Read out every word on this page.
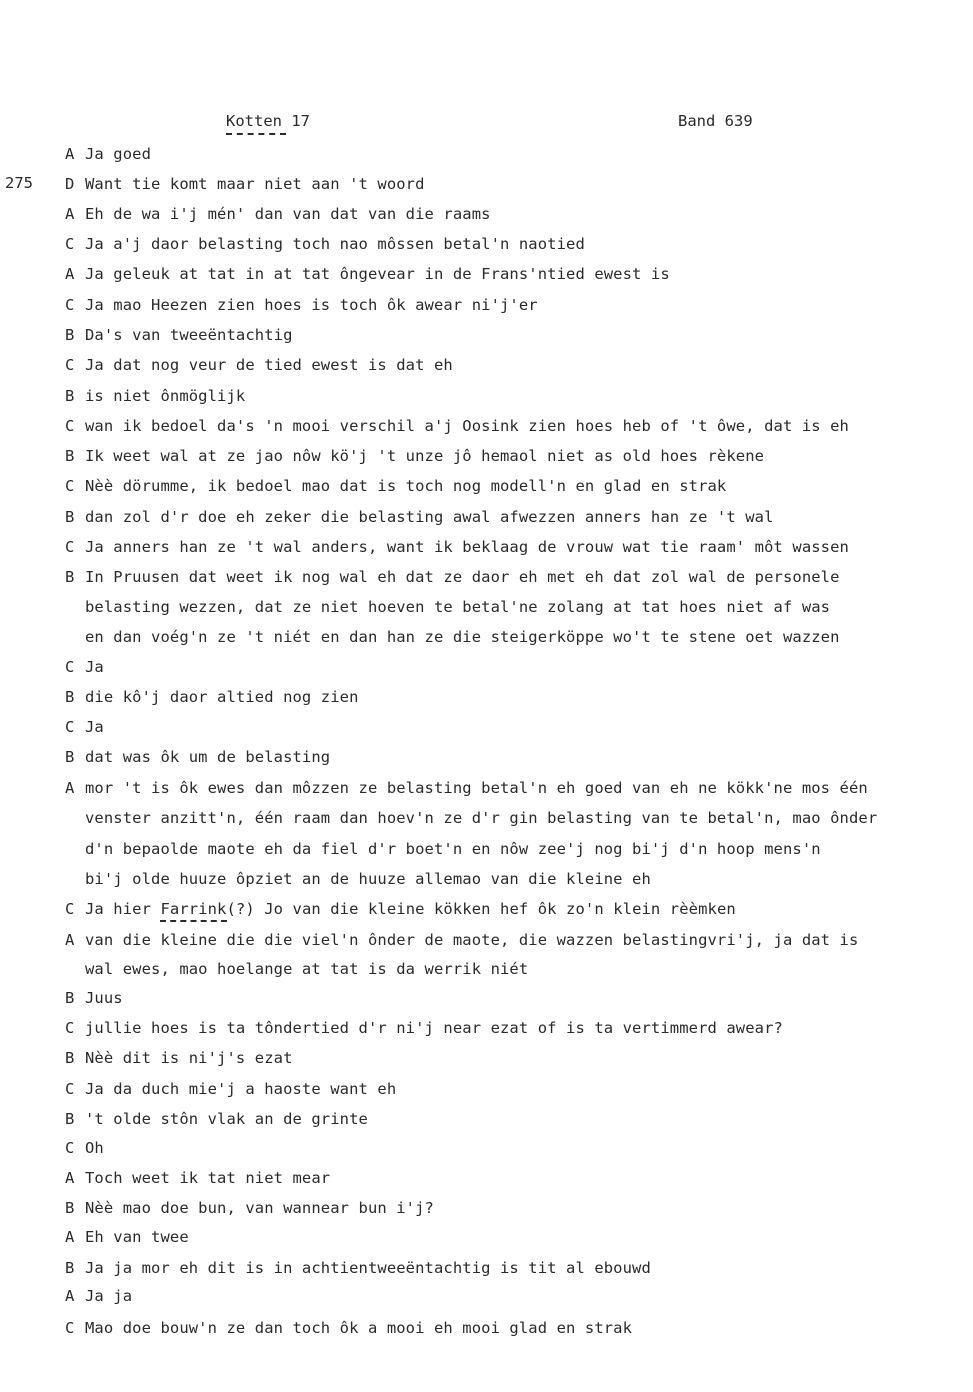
Kotten 17	Band 639
275
A Ja goed
D Want tie komt maar niet aan 't woord
A Eh de wa i'j mén' dan van dat van die raams
C Ja a'j daor belasting toch nao môssen betal'n naotied
A Ja geleuk at tat in at tat ôngevear in de Frans'ntied ewest is
C Ja mao Heezen zien hoes is toch ôk awear ni'j'er
B Da's van tweeëntachtig
C Ja dat nog veur de tied ewest is dat eh
B is niet ônmöglijk
C wan ik bedoel da's 'n mooi verschil a'j Oosink zien hoes heb of 't ôwe, dat is eh
B Ik weet wal at ze jao nôw kö'j 't unze jô hemaol niet as old hoes rèkene
C Nèè dörumme, ik bedoel mao dat is toch nog modell'n en glad en strak
B dan zol d'r doe eh zeker die belasting awal afwezzen anners han ze 't wal
C Ja anners han ze 't wal anders, want ik beklaag de vrouw wat tie raam' môt wassen
B In Pruusen dat weet ik nog wal eh dat ze daor eh met eh dat zol wal de personele
belasting wezzen, dat ze niet hoeven te betal'ne zolang at tat hoes niet af was
en dan voég'n ze 't niét en dan han ze die steigerköppe wo't te stene oet wazzen
C Ja
B die kô'j daor altied nog zien
C Ja
B dat was ôk um de belasting
A mor 't is ôk ewes dan môzzen ze belasting betal'n eh goed van eh ne kökk'ne mos één
venster anzitt'n, één raam dan hoev'n ze d'r gin belasting van te betal'n, mao ônder
d'n bepaolde maote eh da fiel d'r boet'n en nôw zee'j nog bi'j d'n hoop mens'n
bi'j olde huuze ôpziet an de huuze allemao van die kleine eh
C Ja hier Farrink(?) Jo van die kleine kökken hef ôk zo'n klein rèèmken
A van die kleine die die viel'n ônder de maote, die wazzen belastingvri'j, ja dat is
wal ewes, mao hoelange at tat is da werrik niét
B Juus
C jullie hoes is ta tôndertied d'r ni'j near ezat of is ta vertimmerd awear?
B Nèè dit is ni'j's ezat
C Ja da duch mie'j a haoste want eh
B 't olde stôn vlak an de grinte
C Oh
A Toch weet ik tat niet mear
B Nèè mao doe bun, van wannear bun i'j?
A Eh van twee
B Ja ja mor eh dit is in achtientweeëntachtig is tit al ebouwd
A Ja ja
C Mao doe bouw'n ze dan toch ôk a mooi eh mooi glad en strak
